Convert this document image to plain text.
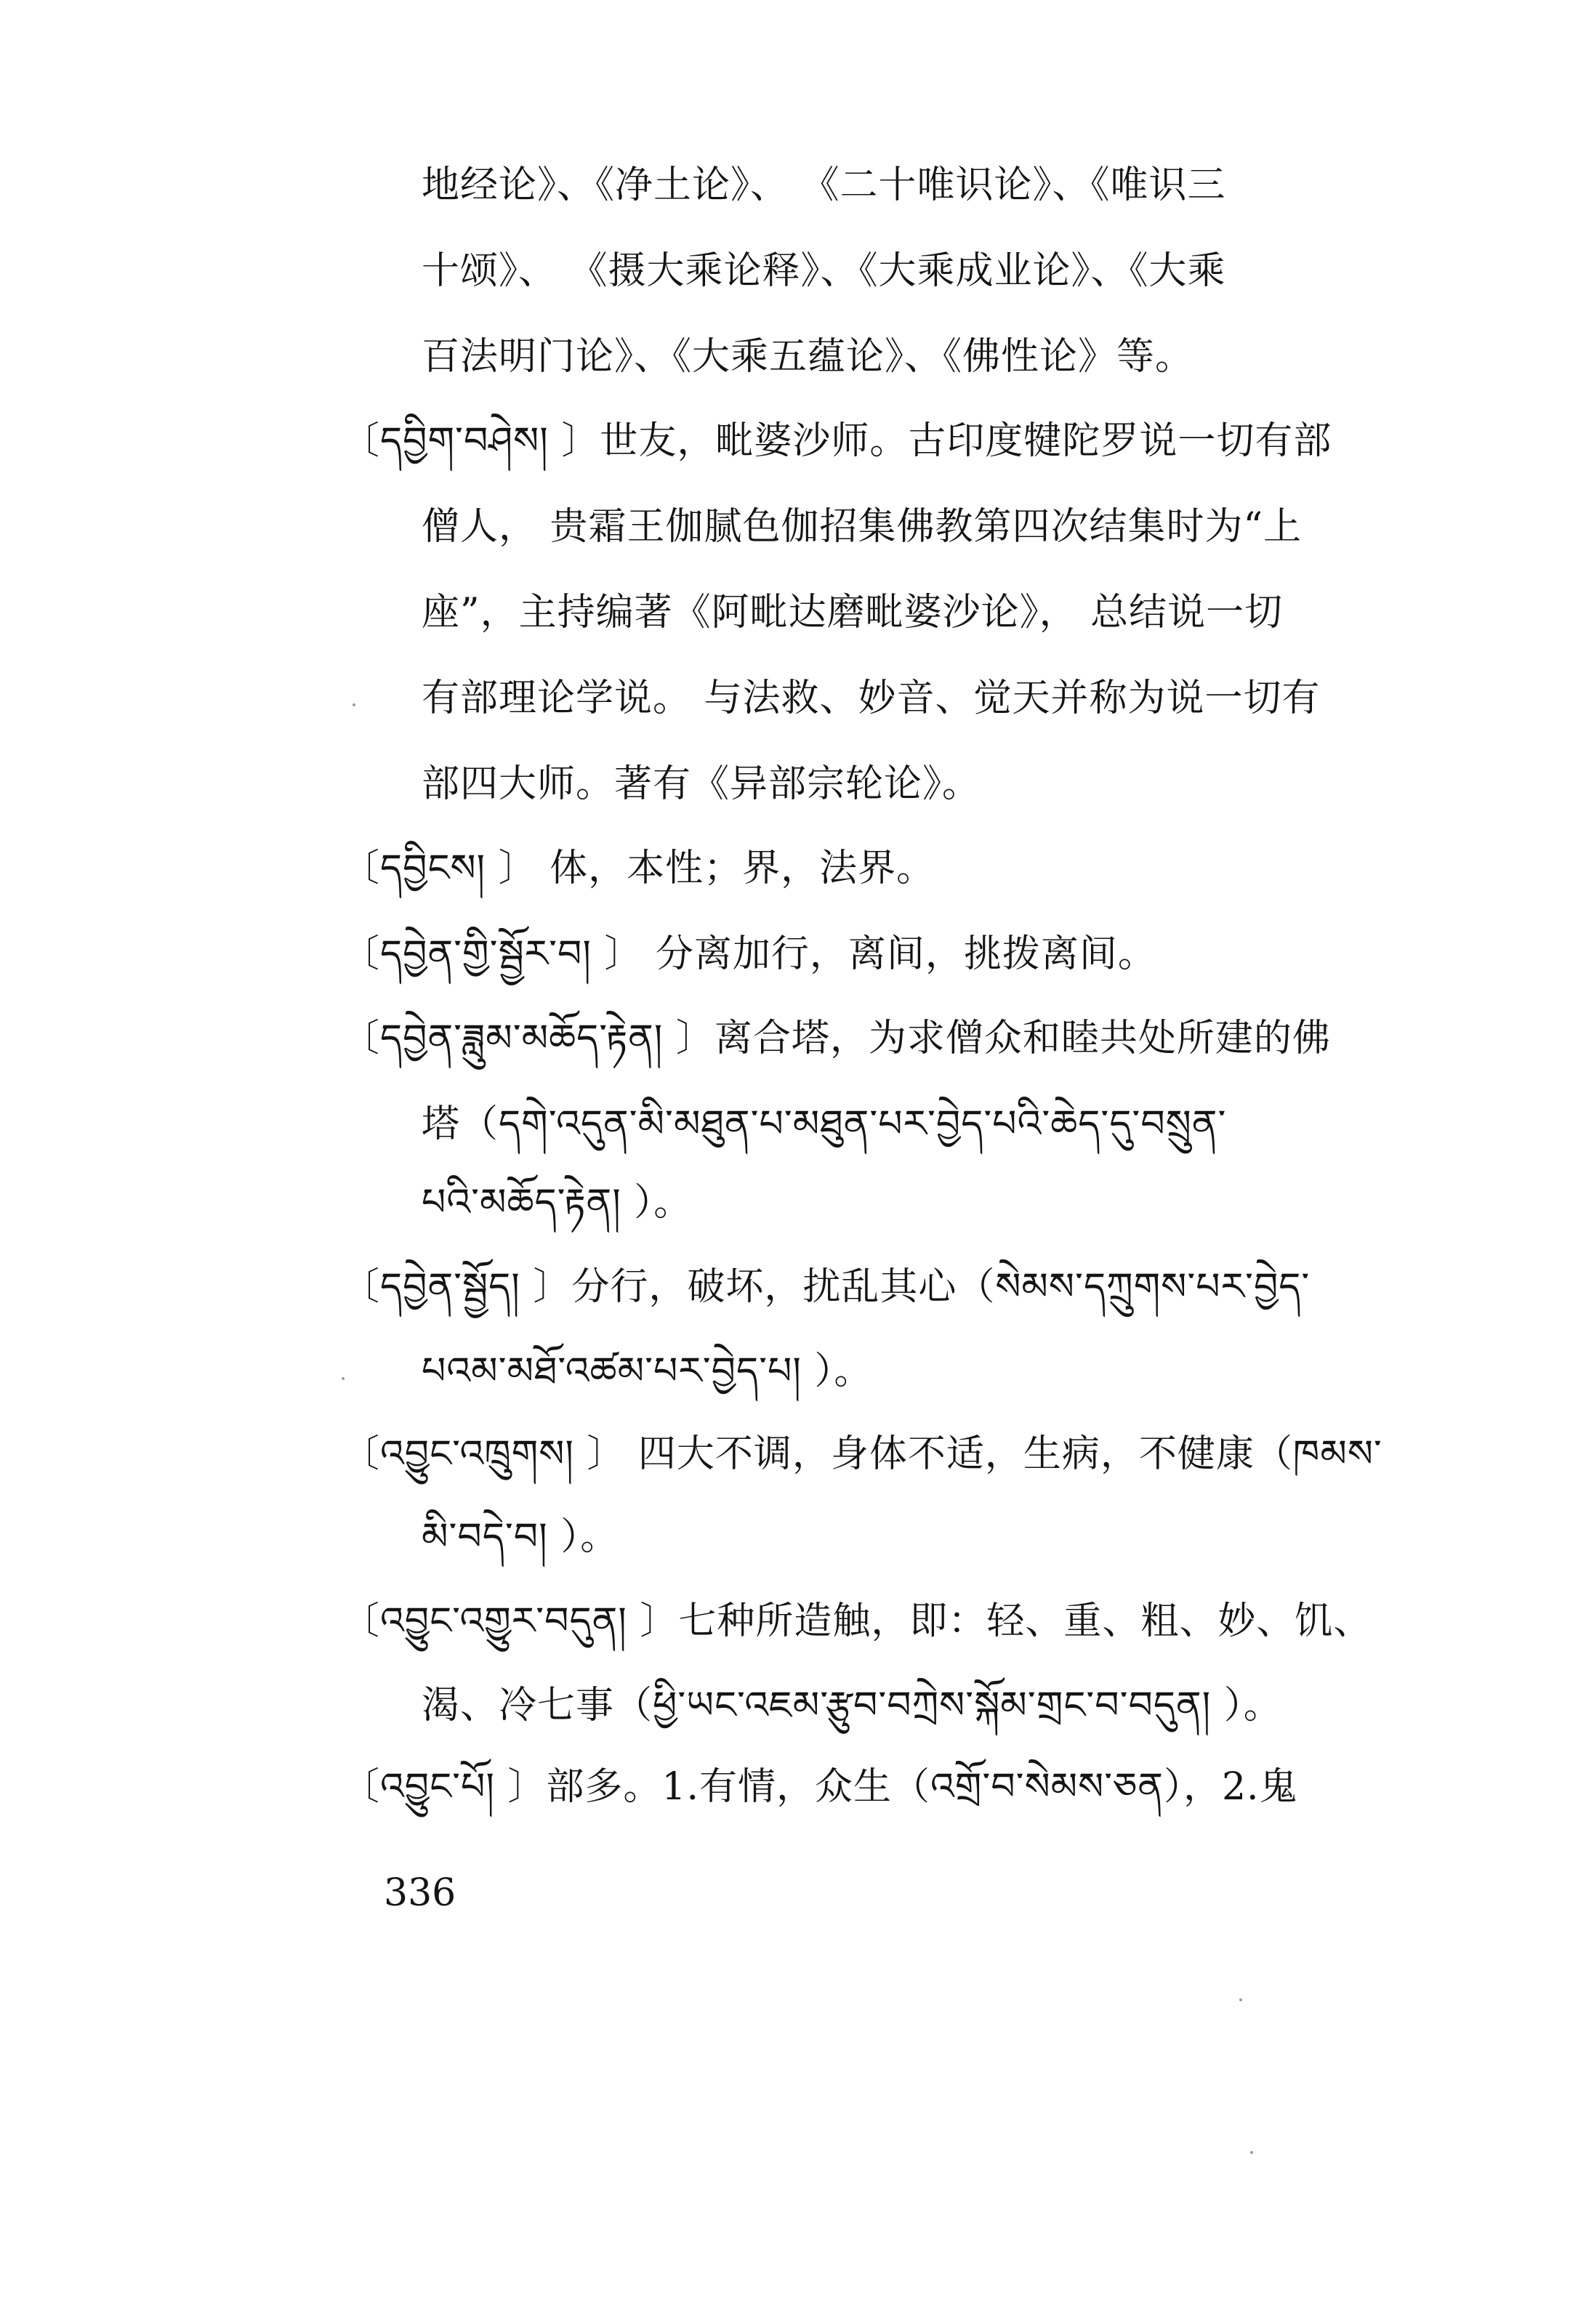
地经论》、《净土论》、 《二十唯识论》、《唯识三
十颂》、 《摄大乘论释》、《大乘成业论》、《大乘
百法明门论》、《大乘五蕴论》、《佛性论》等。
〔དབྱིག་བཤེས། 〕世友，毗婆沙师。古印度犍陀罗说一切有部
僧人， 贵霜王伽腻色伽招集佛教第四次结集时为“上
座”，主持编著《阿毗达磨毗婆沙论》， 总结说一切
有部理论学说。 与法救、妙音、觉天并称为说一切有
部四大师。著有《异部宗轮论》。
〔དབྱིངས། 〕 体，本性；界，法界。
〔དབྱེན་གྱི་སྦྱོར་བ། 〕 分离加行，离间，挑拨离间。
〔དབྱེན་ཟླུམ་མཆོད་རྟེན། 〕离合塔，为求僧众和睦共处所建的佛
塔（དགེ་འདུན་མི་མཐུན་པ་མཐུན་པར་བྱེད་པའི་ཆེད་དུ་བསྲུན་
པའི་མཆོད་རྟེན། ）。
〔དབྱེན་སྦྱོད། 〕分行，破坏，扰乱其心（སེམས་དཀྲུགས་པར་བྱེད་
པའམ་མཐོ་འཚམ་པར་བྱེད་པ། ）。
〔འབྱུང་འཁྲུགས། 〕 四大不调，身体不适，生病，不健康（ཁམས་
མི་བདེ་བ། ）。
〔འབྱུང་འགྱུར་བདུན། 〕七种所造触，即：轻、重、粗、妙、饥、
渴、冷七事（ཕྱི་ཡང་འཇམ་རྩུབ་བཀྲེས་སྐོམ་གྲང་བ་བདུན། ）。
〔འབྱུང་པོ། 〕部多。1.有情，众生（འགྲོ་བ་སེམས་ཅན），2.鬼
336
